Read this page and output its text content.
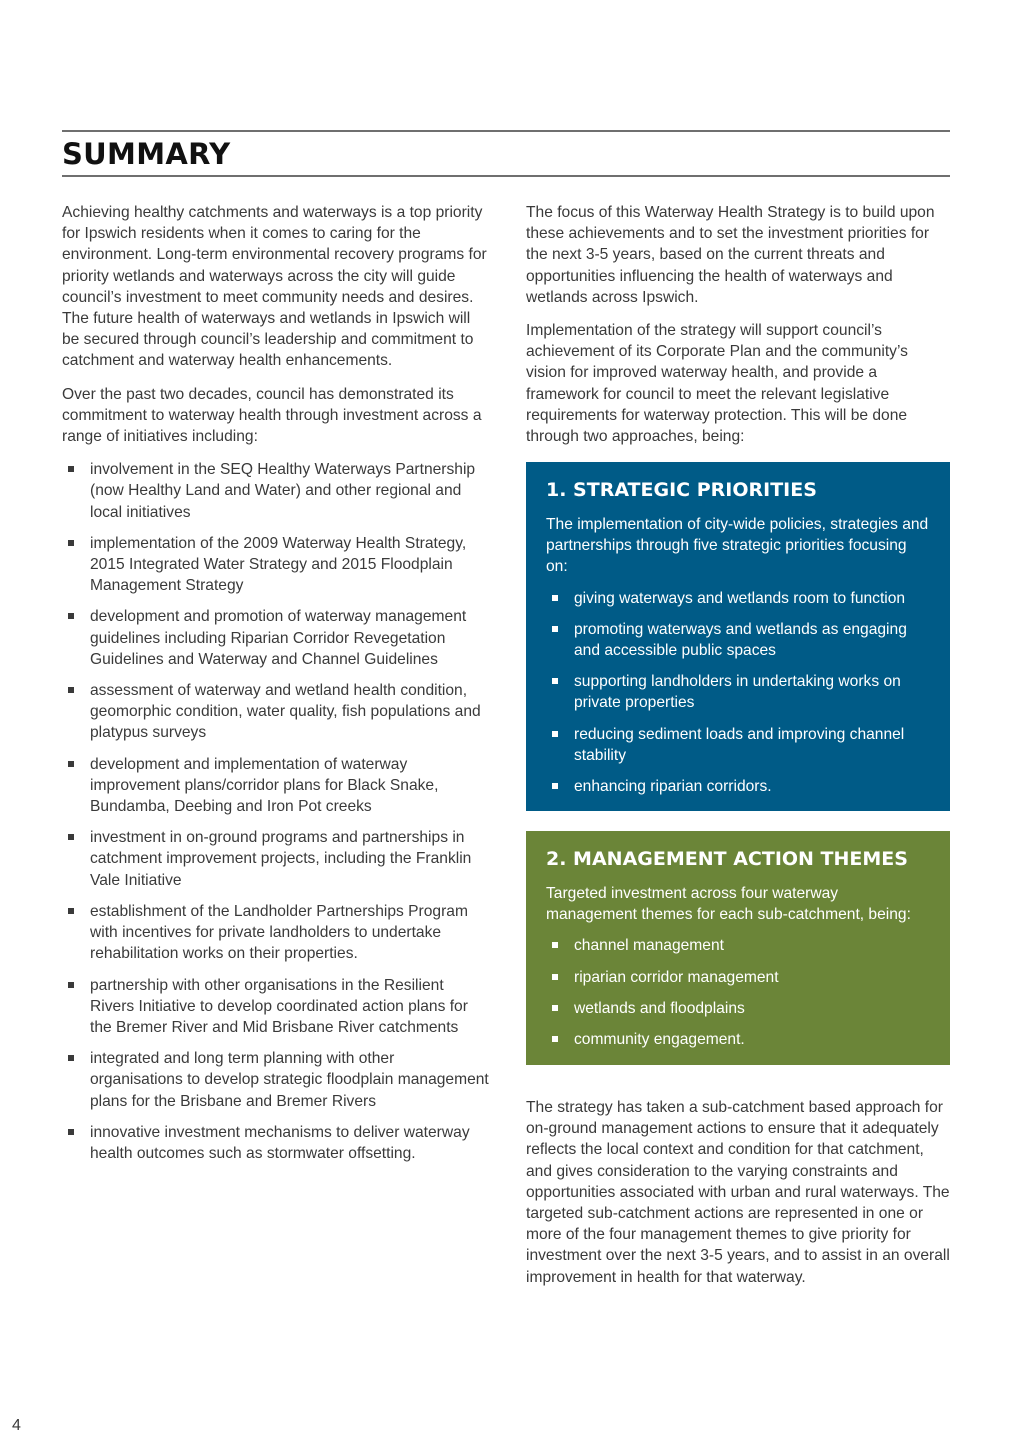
SUMMARY

Achieving healthy catchments and waterways is a top priority for Ipswich residents when it comes to caring for the environment. Long-term environmental recovery programs for priority wetlands and waterways across the city will guide council’s investment to meet community needs and desires. The future health of waterways and wetlands in Ipswich will be secured through council’s leadership and commitment to catchment and waterway health enhancements.

Over the past two decades, council has demonstrated its commitment to waterway health through investment across a range of initiatives including:

involvement in the SEQ Healthy Waterways Partnership (now Healthy Land and Water) and other regional and local initiatives
implementation of the 2009 Waterway Health Strategy, 2015 Integrated Water Strategy and 2015 Floodplain Management Strategy
development and promotion of waterway management guidelines including Riparian Corridor Revegetation Guidelines and Waterway and Channel Guidelines
assessment of waterway and wetland health condition, geomorphic condition, water quality, fish populations and platypus surveys
development and implementation of waterway improvement plans/corridor plans for Black Snake, Bundamba, Deebing and Iron Pot creeks
investment in on-ground programs and partnerships in catchment improvement projects, including the Franklin Vale Initiative
establishment of the Landholder Partnerships Program with incentives for private landholders to undertake rehabilitation works on their properties.
partnership with other organisations in the Resilient Rivers Initiative to develop coordinated action plans for the Bremer River and Mid Brisbane River catchments
integrated and long term planning with other organisations to develop strategic floodplain management plans for the Brisbane and Bremer Rivers
innovative investment mechanisms to deliver waterway health outcomes such as stormwater offsetting.

The focus of this Waterway Health Strategy is to build upon these achievements and to set the investment priorities for the next 3-5 years, based on the current threats and opportunities influencing the health of waterways and wetlands across Ipswich.

Implementation of the strategy will support council’s achievement of its Corporate Plan and the community’s vision for improved waterway health, and provide a framework for council to meet the relevant legislative requirements for waterway protection. This will be done through two approaches, being:

1. STRATEGIC PRIORITIES

The implementation of city-wide policies, strategies and partnerships through five strategic priorities focusing on:

giving waterways and wetlands room to function
promoting waterways and wetlands as engaging and accessible public spaces
supporting landholders in undertaking works on private properties
reducing sediment loads and improving channel stability
enhancing riparian corridors.
2. MANAGEMENT ACTION THEMES

Targeted investment across four waterway management themes for each sub-catchment, being:

channel management
riparian corridor management
wetlands and floodplains
community engagement.

The strategy has taken a sub-catchment based approach for on-ground management actions to ensure that it adequately reflects the local context and condition for that catchment, and gives consideration to the varying constraints and opportunities associated with urban and rural waterways. The targeted sub-catchment actions are represented in one or more of the four management themes to give priority for investment over the next 3-5 years, and to assist in an overall improvement in health for that waterway.

4
